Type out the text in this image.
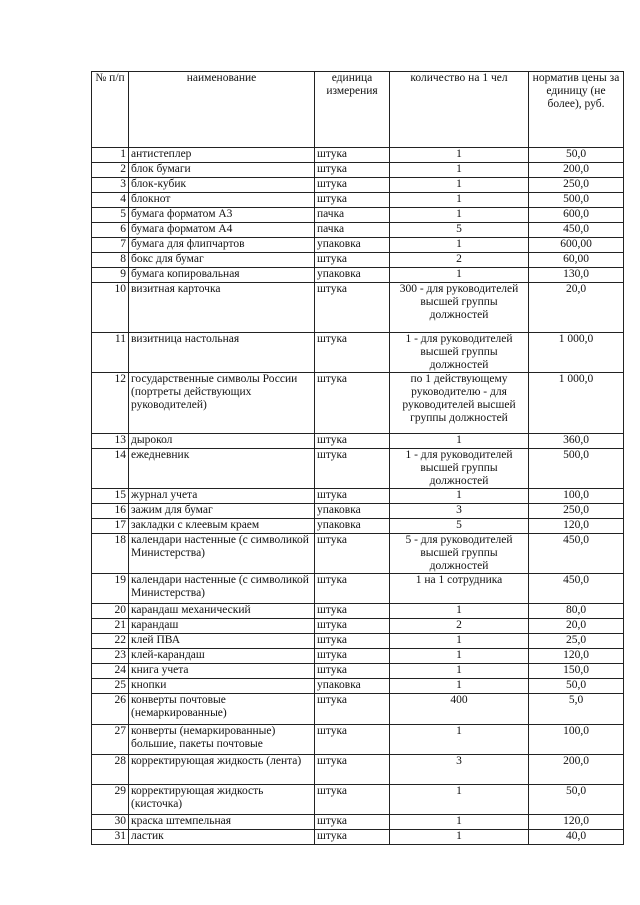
№ п/п	наименование	единица измерения	количество на 1 чел	норматив цены за единицу (не более), руб.
1	антистеплер	штука	1	50,0
2	блок бумаги	штука	1	200,0
3	блок-кубик	штука	1	250,0
4	блокнот	штука	1	500,0
5	бумага форматом А3	пачка	1	600,0
6	бумага форматом А4	пачка	5	450,0
7	бумага для флипчартов	упаковка	1	600,00
8	бокс для бумаг	штука	2	60,00
9	бумага копировальная	упаковка	1	130,0
10	визитная карточка	штука	300 - для руководителей высшей группы должностей	20,0
11	визитница настольная	штука	1 - для руководителей высшей группы должностей	1 000,0
12	государственные символы России (портреты действующих руководителей)	штука	по 1 действующему руководителю - для руководителей высшей группы должностей	1 000,0
13	дырокол	штука	1	360,0
14	ежедневник	штука	1 - для руководителей высшей группы должностей	500,0
15	журнал учета	штука	1	100,0
16	зажим для бумаг	упаковка	3	250,0
17	закладки с клеевым краем	упаковка	5	120,0
18	календари настенные (с символикой Министерства)	штука	5 - для руководителей высшей группы должностей	450,0
19	календари настенные (с символикой Министерства)	штука	1 на 1 сотрудника	450,0
20	карандаш механический	штука	1	80,0
21	карандаш	штука	2	20,0
22	клей ПВА	штука	1	25,0
23	клей-карандаш	штука	1	120,0
24	книга учета	штука	1	150,0
25	кнопки	упаковка	1	50,0
26	конверты почтовые (немаркированные)	штука	400	5,0
27	конверты (немаркированные) большие, пакеты почтовые	штука	1	100,0
28	корректирующая жидкость (лента)	штука	3	200,0
29	корректирующая жидкость (кисточка)	штука	1	50,0
30	краска штемпельная	штука	1	120,0
31	ластик	штука	1	40,0
